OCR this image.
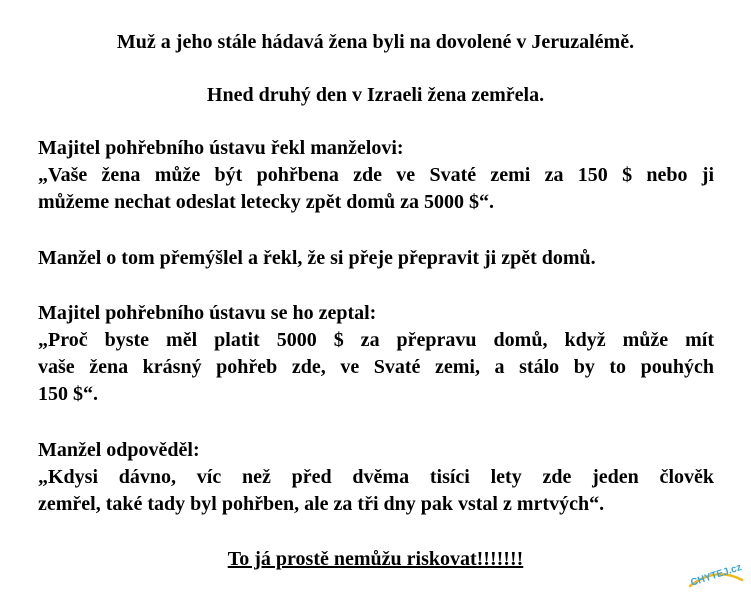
Muž a jeho stále hádavá žena byli na dovolené v Jeruzalémě.
Hned druhý den v Izraeli žena zemřela.
Majitel pohřebního ústavu řekl manželovi:
„Vaše žena může být pohřbena zde ve Svaté zemi za 150 $ nebo ji
můžeme nechat odeslat letecky zpět domů za 5000 $“.
Manžel o tom přemýšlel a řekl, že si přeje přepravit ji zpět domů.
Majitel pohřebního ústavu se ho zeptal:
„Proč byste měl platit 5000 $ za přepravu domů, když může mít
vaše žena krásný pohřeb zde, ve Svaté zemi, a stálo by to pouhých
150 $“.
Manžel odpověděl:
„Kdysi dávno, víc než před dvěma tisíci lety zde jeden člověk
zemřel, také tady byl pohřben, ale za tři dny pak vstal z mrtvých“.
To já prostě nemůžu riskovat!!!!!!!
CHYTEJ.cz
